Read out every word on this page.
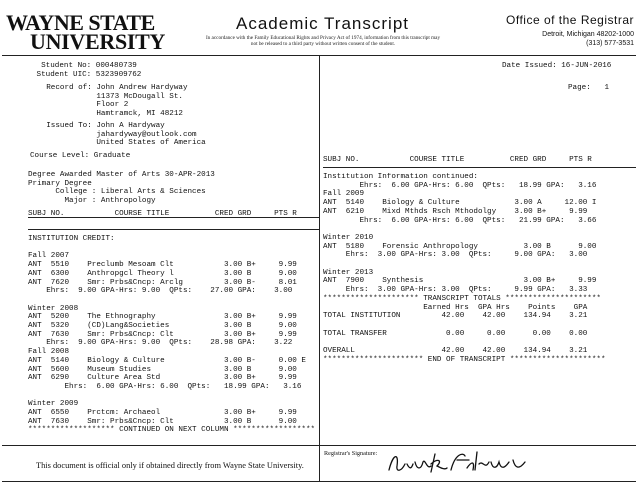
WAYNE STATE
UNIVERSITY
Academic Transcript
In accordance with the Family Educational Rights and Privacy Act of 1974, information from this transcript may not be released to a third party without written consent of the student.
Office of the Registrar
Detroit, Michigan 48202-1000
(313) 577-3531
Student No: 000480739
Student UIC: 5323909762
Date Issued: 16-JUN-2016
Page:   1
Record of: John Andrew Hardyway
11373 McDougall St.
Floor 2
Hamtramck, MI 48212
Issued To: John A Hardyway
jahardyway@outlook.com
United States of America
Course Level: Graduate
Degree Awarded Master of Arts 30-APR-2013
Primary Degree
College : Liberal Arts & Sciences
Major : Anthropology
SUBJ NO.           COURSE TITLE          CRED GRD     PTS R
INSTITUTION CREDIT:

Fall 2007
ANT  5510    Preclumb Mesoam Clt           3.00 B+     9.99
ANT  6300    Anthropgcl Theory l           3.00 B      9.00
ANT  7620    Smr: Prbs&Cncp: Arclg         3.00 B-     8.01
Ehrs:  9.00 GPA-Hrs: 9.00  QPts:    27.00 GPA:    3.00

Winter 2008
ANT  5200    The Ethnography               3.00 B+     9.99
ANT  5320    (CD)Lang&Societies            3.00 B      9.00
ANT  7630    Smr: Prbs&Cncp: Clt           3.00 B+     9.99
Ehrs:  9.00 GPA-Hrs: 9.00  QPts:    28.98 GPA:    3.22
Fall 2008
ANT  5140    Biology & Culture             3.00 B-     0.00 E
ANT  5600    Museum Studies                3.00 B      9.00
ANT  6290    Culture Area Std              3.00 B+     9.99
Ehrs:  6.00 GPA-Hrs: 6.00  QPts:   18.99 GPA:   3.16

Winter 2009
ANT  6550    Prctcm: Archaeol              3.00 B+     9.99
ANT  7630    Smr: Prbs&Cncp: Clt           3.00 B      9.00
******************* CONTINUED ON NEXT COLUMN ******************
SUBJ NO.           COURSE TITLE          CRED GRD     PTS R
Institution Information continued:
Ehrs:  6.00 GPA-Hrs: 6.00  QPts:   18.99 GPA:   3.16
Fall 2009
ANT  5140    Biology & Culture            3.00 A     12.00 I
ANT  6210    Mixd Mthds Rsch Mthodolgy    3.00 B+     9.99
Ehrs:  6.00 GPA-Hrs: 6.00  QPts:   21.99 GPA:   3.66

Winter 2010
ANT  5180    Forensic Anthropology          3.00 B      9.00
Ehrs:  3.00 GPA-Hrs: 3.00  QPts:     9.00 GPA:   3.00

Winter 2013
ANT  7900    Synthesis                      3.00 B+     9.99
Ehrs:  3.00 GPA-Hrs: 3.00  QPts:     9.99 GPA:   3.33
********************* TRANSCRIPT TOTALS *********************
Earned Hrs  GPA Hrs    Points    GPA
TOTAL INSTITUTION         42.00    42.00    134.94    3.21

TOTAL TRANSFER             0.00     0.00      0.00    0.00

OVERALL                   42.00    42.00    134.94    3.21
********************** END OF TRANSCRIPT *********************
This document is official only if obtained directly from Wayne State University.
Registrar's Signature:
